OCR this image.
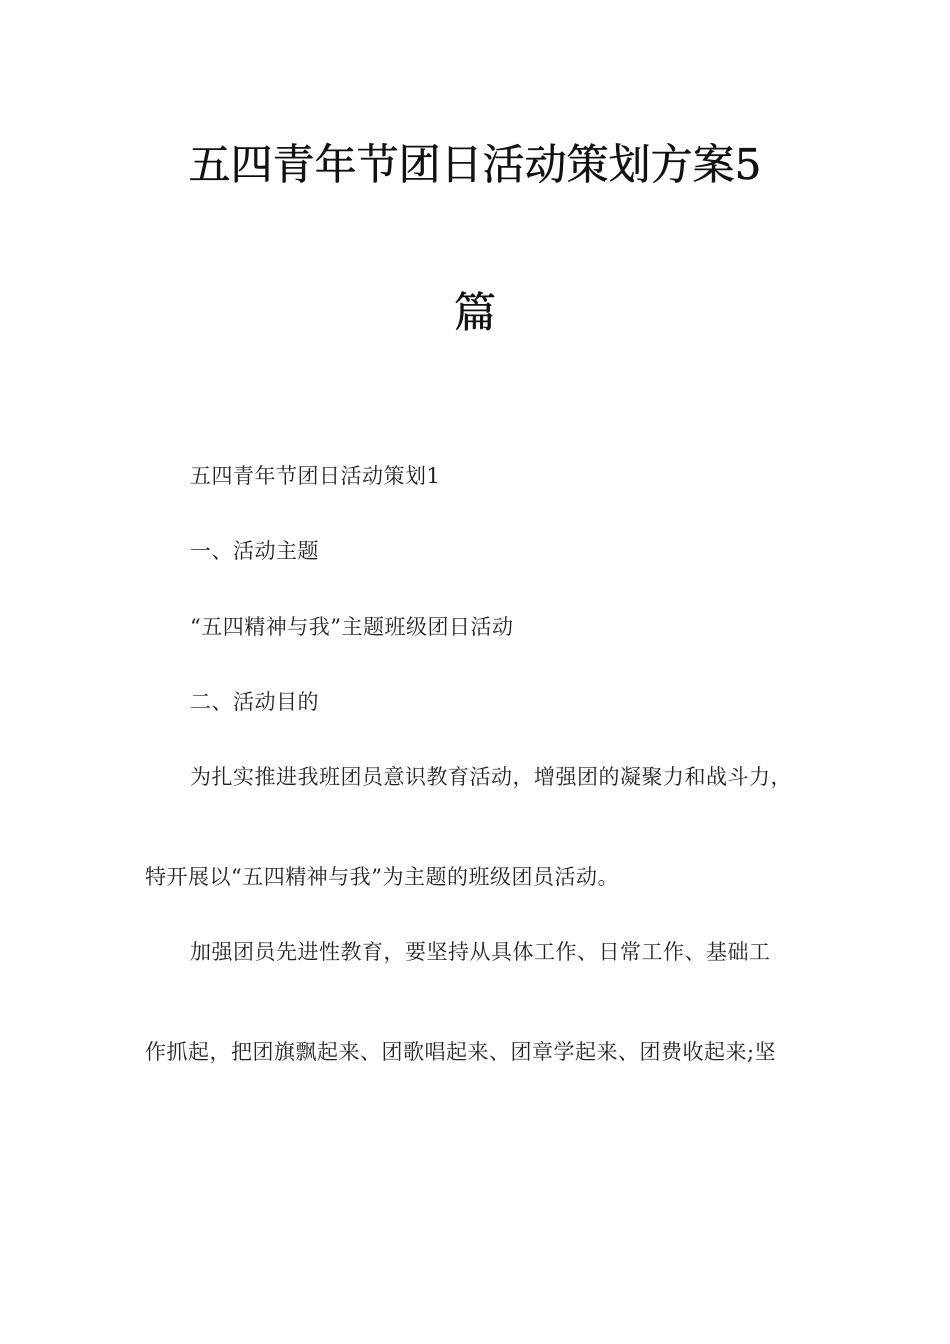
五四青年节团日活动策划方案5
篇

五四青年节团日活动策划1

一、活动主题

“五四精神与我”主题班级团日活动

二、活动目的

为扎实推进我班团员意识教育活动，增强团的凝聚力和战斗力，

特开展以“五四精神与我”为主题的班级团员活动。

加强团员先进性教育，要坚持从具体工作、日常工作、基础工

作抓起，把团旗飘起来、团歌唱起来、团章学起来、团费收起来;坚
